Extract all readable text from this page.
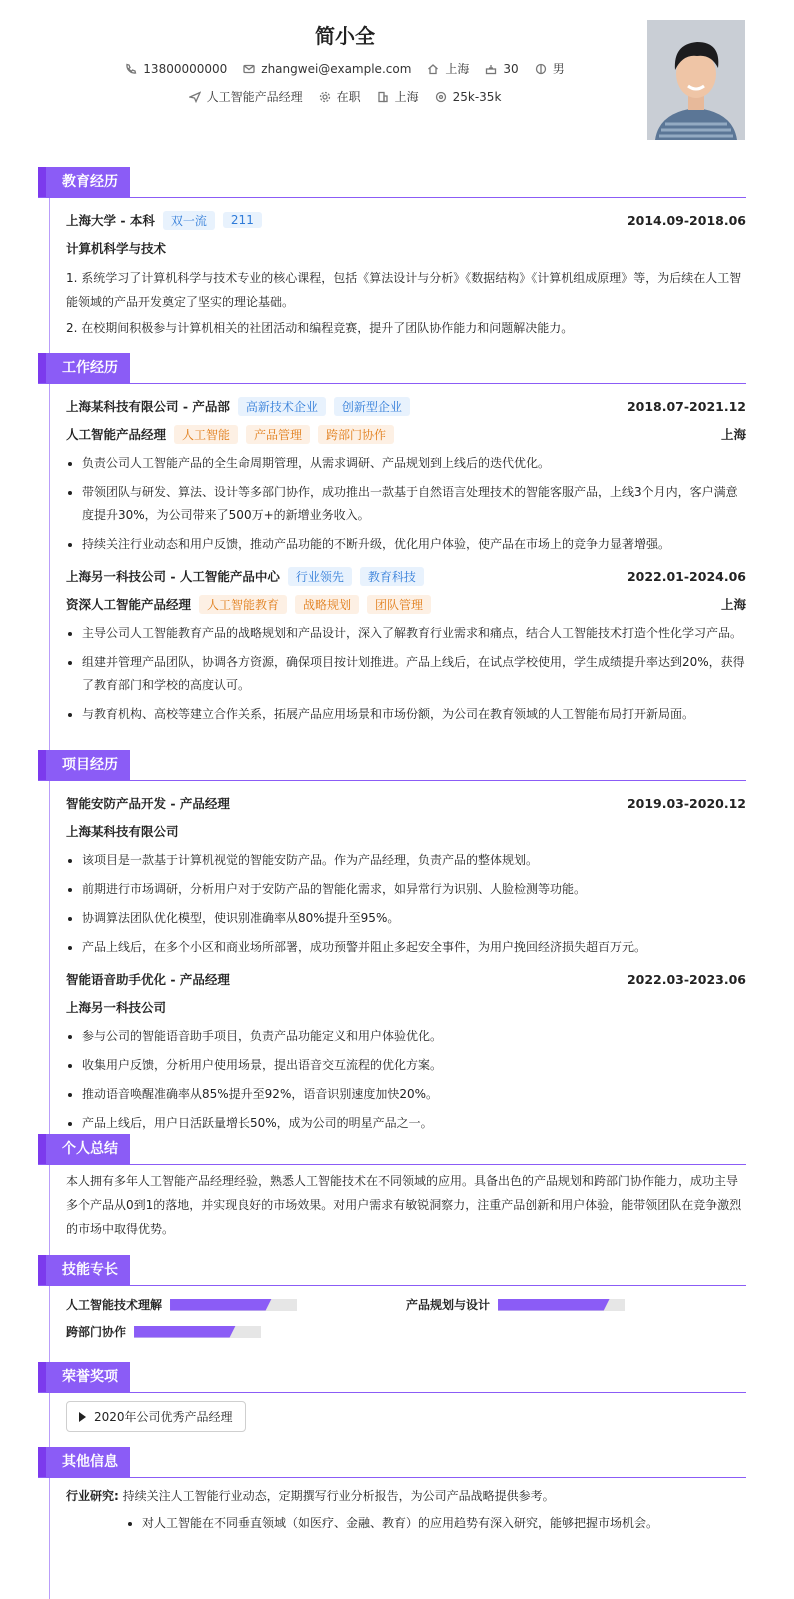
简小全
13800000000	zhangwei@example.com	上海	30	男
人工智能产品经理	在职	上海	25k-35k
教育经历
上海大学 - 本科	双一流	211	2014.09-2018.06
计算机科学与技术

1. 系统学习了计算机科学与技术专业的核心课程，包括《算法设计与分析》《数据结构》《计算机组成原理》等，为后续在人工智能领域的产品开发奠定了坚实的理论基础。

2. 在校期间积极参与计算机相关的社团活动和编程竞赛，提升了团队协作能力和问题解决能力。

工作经历
上海某科技有限公司 - 产品部	高新技术企业	创新型企业	2018.07-2021.12
人工智能产品经理	人工智能	产品管理	跨部门协作	上海
• 负责公司人工智能产品的全生命周期管理，从需求调研、产品规划到上线后的迭代优化。
• 带领团队与研发、算法、设计等多部门协作，成功推出一款基于自然语言处理技术的智能客服产品，上线3个月内，客户满意度提升30%，为公司带来了500万+的新增业务收入。
• 持续关注行业动态和用户反馈，推动产品功能的不断升级，优化用户体验，使产品在市场上的竞争力显著增强。
上海另一科技公司 - 人工智能产品中心	行业领先	教育科技	2022.01-2024.06
资深人工智能产品经理	人工智能教育	战略规划	团队管理	上海
• 主导公司人工智能教育产品的战略规划和产品设计，深入了解教育行业需求和痛点，结合人工智能技术打造个性化学习产品。
• 组建并管理产品团队，协调各方资源，确保项目按计划推进。产品上线后，在试点学校使用，学生成绩提升率达到20%，获得了教育部门和学校的高度认可。
• 与教育机构、高校等建立合作关系，拓展产品应用场景和市场份额，为公司在教育领域的人工智能布局打开新局面。
项目经历
智能安防产品开发 - 产品经理	2019.03-2020.12
上海某科技有限公司
• 该项目是一款基于计算机视觉的智能安防产品。作为产品经理，负责产品的整体规划。
• 前期进行市场调研，分析用户对于安防产品的智能化需求，如异常行为识别、人脸检测等功能。
• 协调算法团队优化模型，使识别准确率从80%提升至95%。
• 产品上线后，在多个小区和商业场所部署，成功预警并阻止多起安全事件，为用户挽回经济损失超百万元。
智能语音助手优化 - 产品经理	2022.03-2023.06
上海另一科技公司
• 参与公司的智能语音助手项目，负责产品功能定义和用户体验优化。
• 收集用户反馈，分析用户使用场景，提出语音交互流程的优化方案。
• 推动语音唤醒准确率从85%提升至92%，语音识别速度加快20%。
• 产品上线后，用户日活跃量增长50%，成为公司的明星产品之一。
个人总结

本人拥有多年人工智能产品经理经验，熟悉人工智能技术在不同领域的应用。具备出色的产品规划和跨部门协作能力，成功主导多个产品从0到1的落地，并实现良好的市场效果。对用户需求有敏锐洞察力，注重产品创新和用户体验，能带领团队在竞争激烈的市场中取得优势。

技能专长
人工智能技术理解	产品规划与设计
跨部门协作
荣誉奖项
2020年公司优秀产品经理
其他信息

行业研究: 持续关注人工智能行业动态，定期撰写行业分析报告，为公司产品战略提供参考。

• 对人工智能在不同垂直领域（如医疗、金融、教育）的应用趋势有深入研究，能够把握市场机会。
